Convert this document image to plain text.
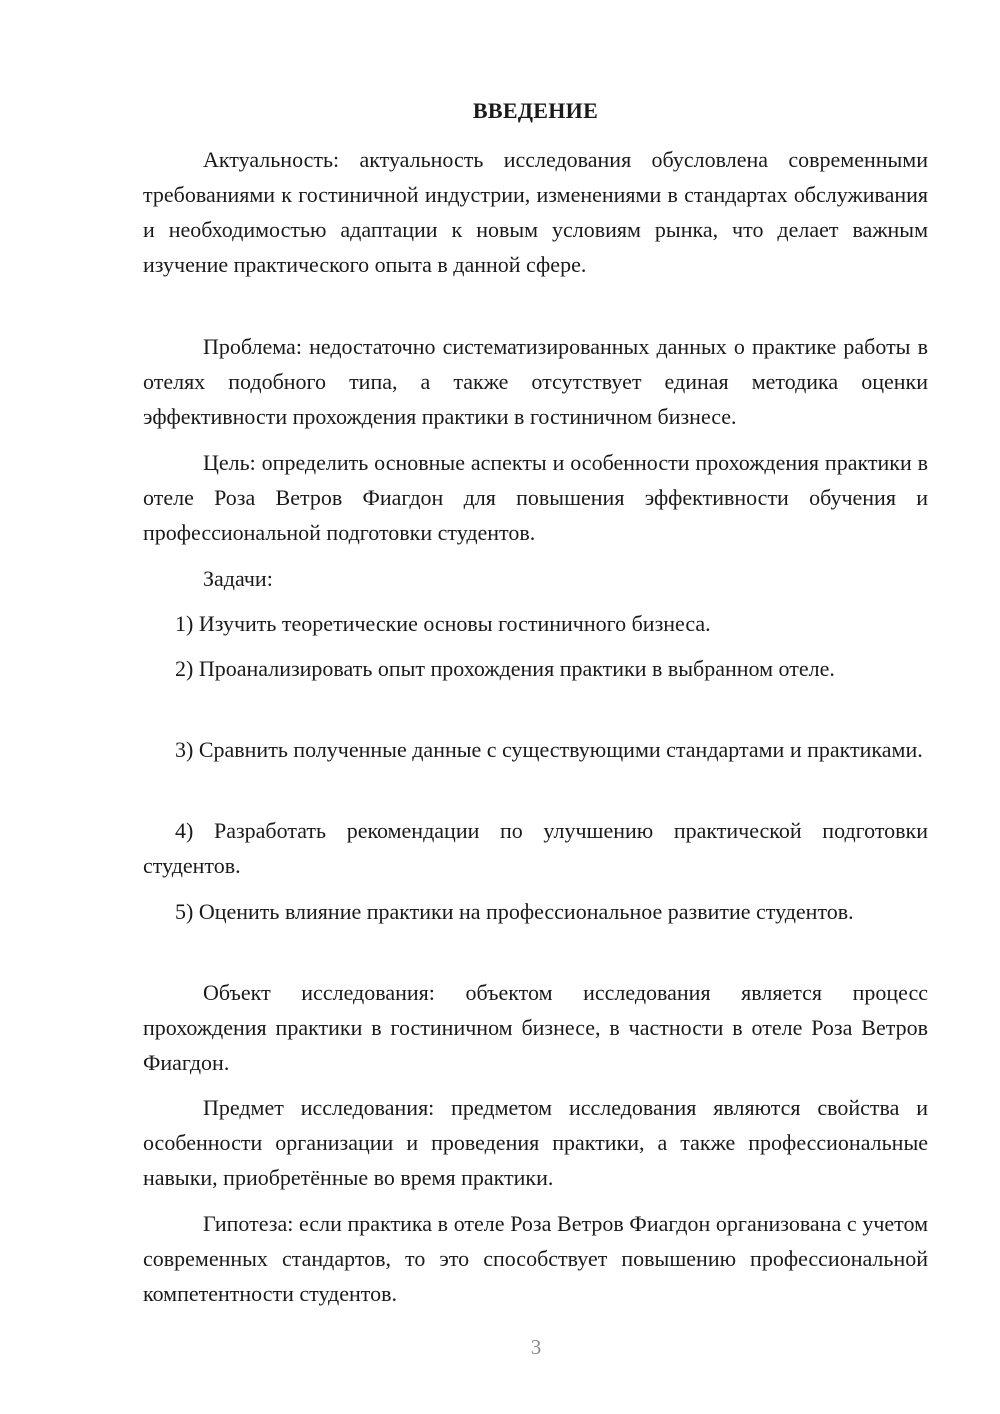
ВВЕДЕНИЕ

Актуальность: актуальность исследования обусловлена современными требованиями к гостиничной индустрии, изменениями в стандартах обслуживания и необходимостью адаптации к новым условиям рынка, что делает важным изучение практического опыта в данной сфере.

Проблема: недостаточно систематизированных данных о практике работы в отелях подобного типа, а также отсутствует единая методика оценки эффективности прохождения практики в гостиничном бизнесе.

Цель: определить основные аспекты и особенности прохождения практики в отеле Роза Ветров Фиагдон для повышения эффективности обучения и профессиональной подготовки студентов.

Задачи:

1) Изучить теоретические основы гостиничного бизнеса.

2) Проанализировать опыт прохождения практики в выбранном отеле.

3) Сравнить полученные данные с существующими стандартами и практиками.

4) Разработать рекомендации по улучшению практической подготовки студентов.

5) Оценить влияние практики на профессиональное развитие студентов.

Объект исследования: объектом исследования является процесс прохождения практики в гостиничном бизнесе, в частности в отеле Роза Ветров Фиагдон.

Предмет исследования: предметом исследования являются свойства и особенности организации и проведения практики, а также профессиональные навыки, приобретённые во время практики.

Гипотеза: если практика в отеле Роза Ветров Фиагдон организована с учетом современных стандартов, то это способствует повышению профессиональной компетентности студентов.

3
